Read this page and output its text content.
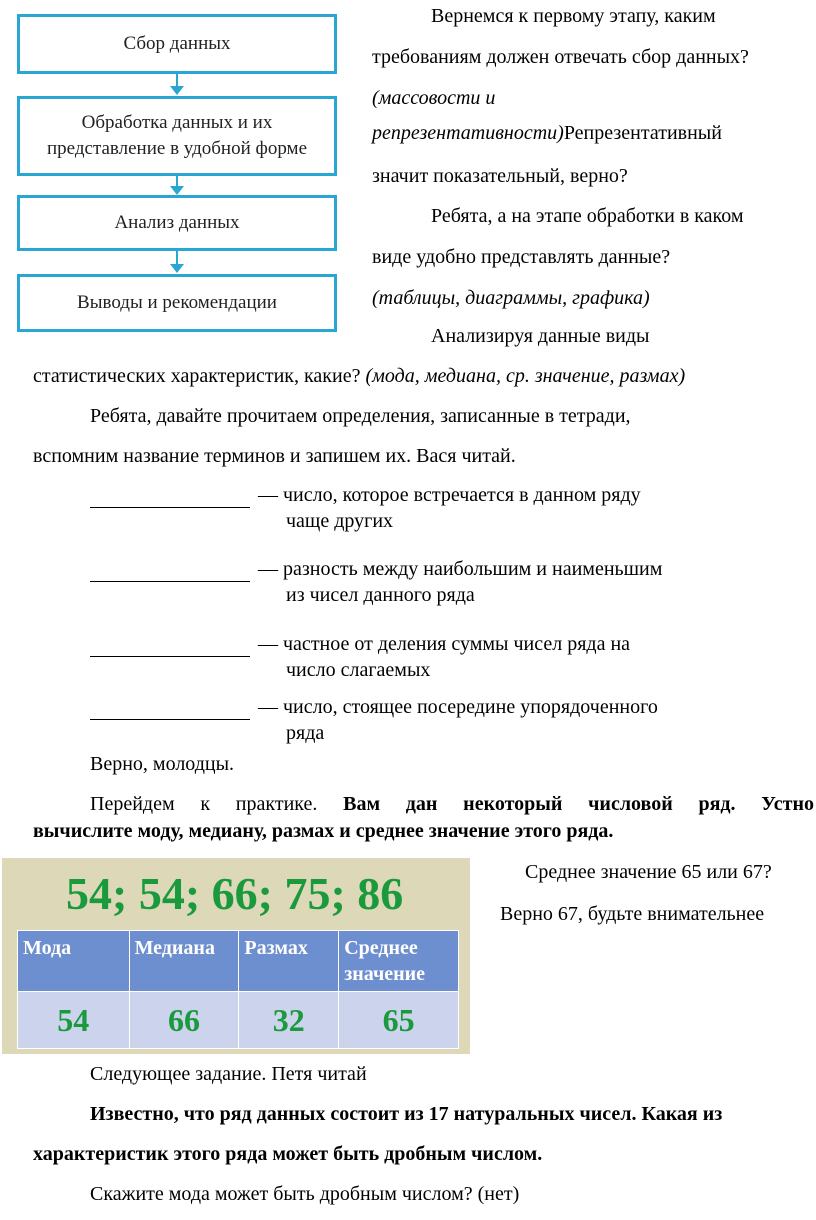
Сбор данных
Обработка данных и их представление в удобной форме
Анализ данных
Выводы и рекомендации
Вернемся к первому этапу, каким
требованиям должен отвечать сбор данных?
(массовости и
репрезентативности)Репрезентативный
значит показательный, верно?
Ребята, а на этапе обработки в каком
виде удобно представлять данные?
(таблицы, диаграммы, графика)
Анализируя данные виды
статистических характеристик, какие? (мода, медиана, ср. значение, размах)
Ребята, давайте прочитаем определения, записанные в тетради,
вспомним название терминов и запишем их. Вася читай.
— число, которое встречается в данном ряду
чаще других
— разность между наибольшим и наименьшим
из чисел данного ряда
— частное от деления суммы чисел ряда на
число слагаемых
— число, стоящее посередине упорядоченного
ряда
Верно, молодцы.
Перейдем к практике. Вам дан некоторый числовой ряд. Устно
вычислите моду, медиану, размах и среднее значение этого ряда.
54; 54; 66; 75; 86
Мода	Медиана	Размах	Среднее значение
54	66	32	65
Среднее значение 65 или 67?
Верно 67, будьте внимательнее
Следующее задание. Петя читай
Известно, что ряд данных состоит из 17 натуральных чисел. Какая из
характеристик этого ряда может быть дробным числом.
Скажите мода может быть дробным числом? (нет)
